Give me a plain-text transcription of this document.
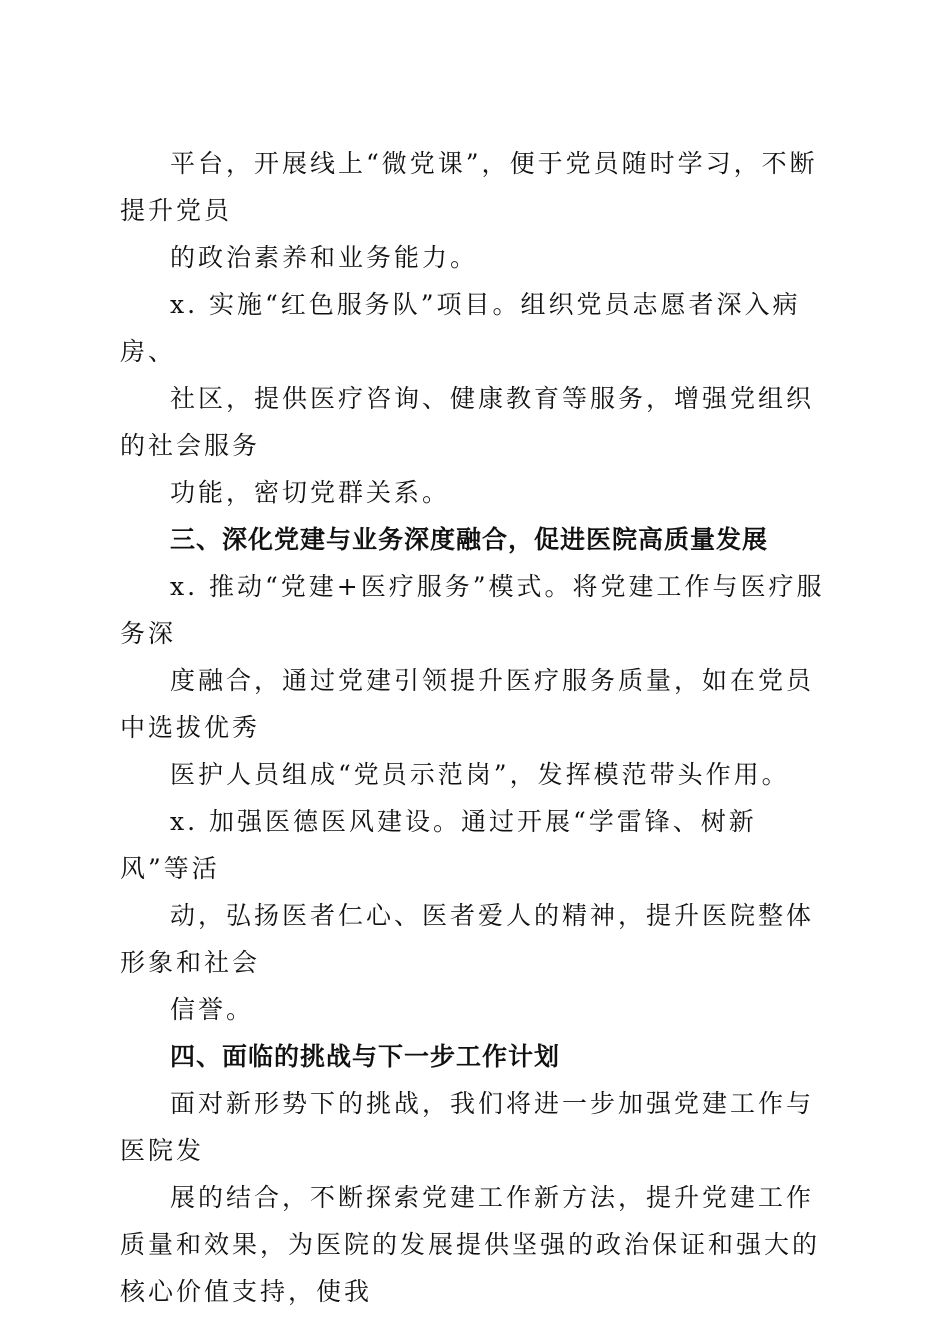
平台，开展线上“微党课”，便于党员随时学习，不断提升党员

的政治素养和业务能力。

x. 实施“红色服务队”项目。组织党员志愿者深入病房、

社区，提供医疗咨询、健康教育等服务，增强党组织的社会服务

功能，密切党群关系。

三、深化党建与业务深度融合，促进医院高质量发展

x. 推动“党建+医疗服务”模式。将党建工作与医疗服务深

度融合，通过党建引领提升医疗服务质量，如在党员中选拔优秀

医护人员组成“党员示范岗”，发挥模范带头作用。

x. 加强医德医风建设。通过开展“学雷锋、树新风”等活

动，弘扬医者仁心、医者爱人的精神，提升医院整体形象和社会

信誉。

四、面临的挑战与下一步工作计划

面对新形势下的挑战，我们将进一步加强党建工作与医院发

展的结合，不断探索党建工作新方法，提升党建工作质量和效果，为医院的发展提供坚强的政治保证和强大的核心价值支持，使我
